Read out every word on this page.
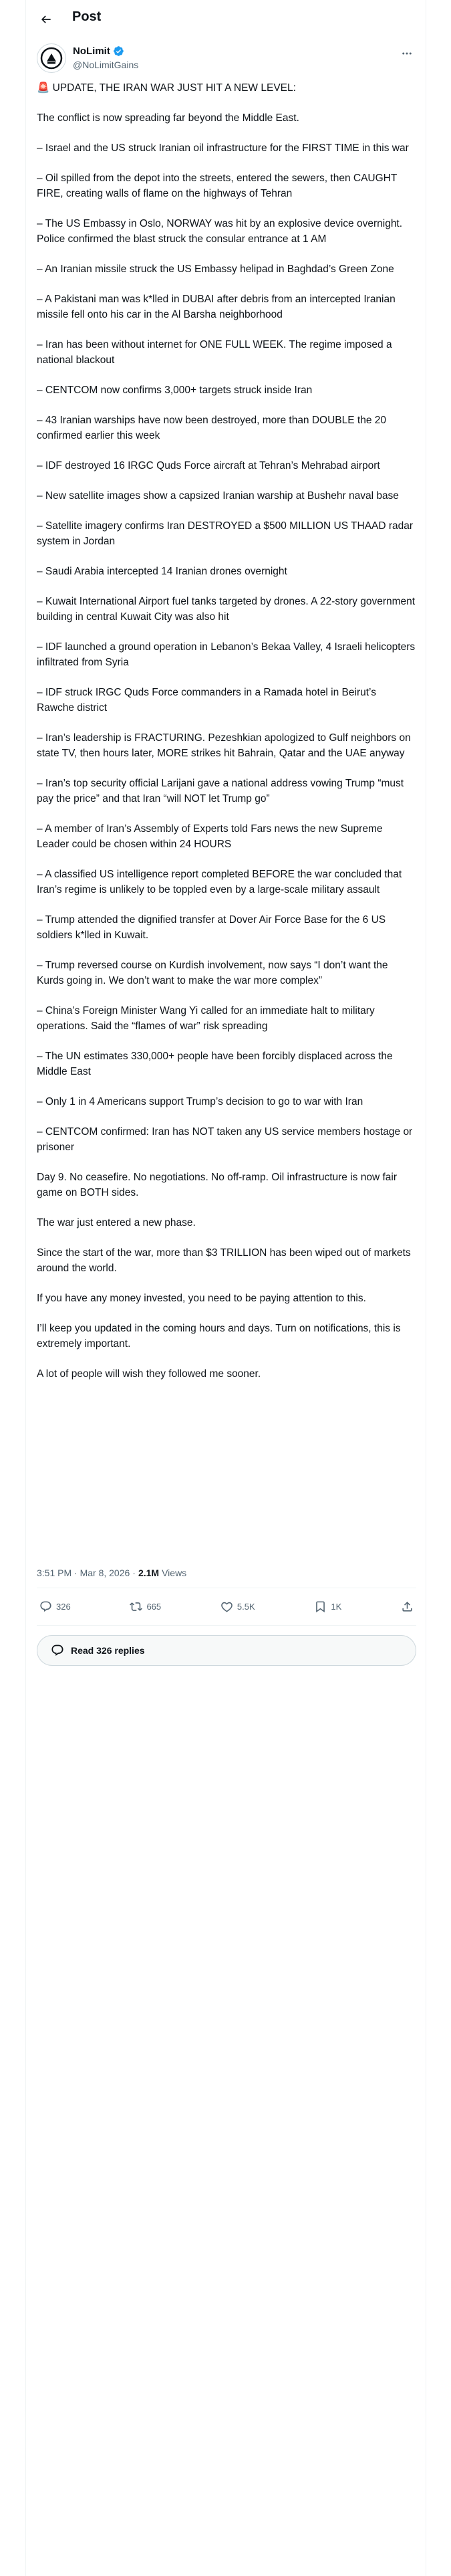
Post
NoLimit
@NoLimitGains

🚨 UPDATE, THE IRAN WAR JUST HIT A NEW LEVEL:

The conflict is now spreading far beyond the Middle East.

– Israel and the US struck Iranian oil infrastructure for the FIRST TIME in this war

– Oil spilled from the depot into the streets, entered the sewers, then CAUGHT FIRE, creating walls of flame on the highways of Tehran

– The US Embassy in Oslo, NORWAY was hit by an explosive device overnight. Police confirmed the blast struck the consular entrance at 1 AM

– An Iranian missile struck the US Embassy helipad in Baghdad’s Green Zone

– A Pakistani man was k*lled in DUBAI after debris from an intercepted Iranian missile fell onto his car in the Al Barsha neighborhood

– Iran has been without internet for ONE FULL WEEK. The regime imposed a national blackout

– CENTCOM now confirms 3,000+ targets struck inside Iran

– 43 Iranian warships have now been destroyed, more than DOUBLE the 20 confirmed earlier this week

– IDF destroyed 16 IRGC Quds Force aircraft at Tehran’s Mehrabad airport

– New satellite images show a capsized Iranian warship at Bushehr naval base

– Satellite imagery confirms Iran DESTROYED a $500 MILLION US THAAD radar system in Jordan

– Saudi Arabia intercepted 14 Iranian drones overnight

– Kuwait International Airport fuel tanks targeted by drones. A 22-story government building in central Kuwait City was also hit

– IDF launched a ground operation in Lebanon’s Bekaa Valley, 4 Israeli helicopters infiltrated from Syria

– IDF struck IRGC Quds Force commanders in a Ramada hotel in Beirut’s Rawche district

– Iran’s leadership is FRACTURING. Pezeshkian apologized to Gulf neighbors on state TV, then hours later, MORE strikes hit Bahrain, Qatar and the UAE anyway

– Iran’s top security official Larijani gave a national address vowing Trump “must pay the price” and that Iran “will NOT let Trump go”

– A member of Iran’s Assembly of Experts told Fars news the new Supreme Leader could be chosen within 24 HOURS

– A classified US intelligence report completed BEFORE the war concluded that Iran’s regime is unlikely to be toppled even by a large-scale military assault

– Trump attended the dignified transfer at Dover Air Force Base for the 6 US soldiers k*lled in Kuwait.

– Trump reversed course on Kurdish involvement, now says “I don’t want the Kurds going in. We don’t want to make the war more complex”

– China’s Foreign Minister Wang Yi called for an immediate halt to military operations. Said the “flames of war” risk spreading

– The UN estimates 330,000+ people have been forcibly displaced across the Middle East

– Only 1 in 4 Americans support Trump’s decision to go to war with Iran

– CENTCOM confirmed: Iran has NOT taken any US service members hostage or prisoner

Day 9. No ceasefire. No negotiations. No off-ramp. Oil infrastructure is now fair game on BOTH sides.

The war just entered a new phase.

Since the start of the war, more than $3 TRILLION has been wiped out of markets around the world.

If you have any money invested, you need to be paying attention to this.

I’ll keep you updated in the coming hours and days. Turn on notifications, this is extremely important.

A lot of people will wish they followed me sooner.

3:51 PM · Mar 8, 2026 · 2.1M Views
326	665	5.5K	1K
Read 326 replies
